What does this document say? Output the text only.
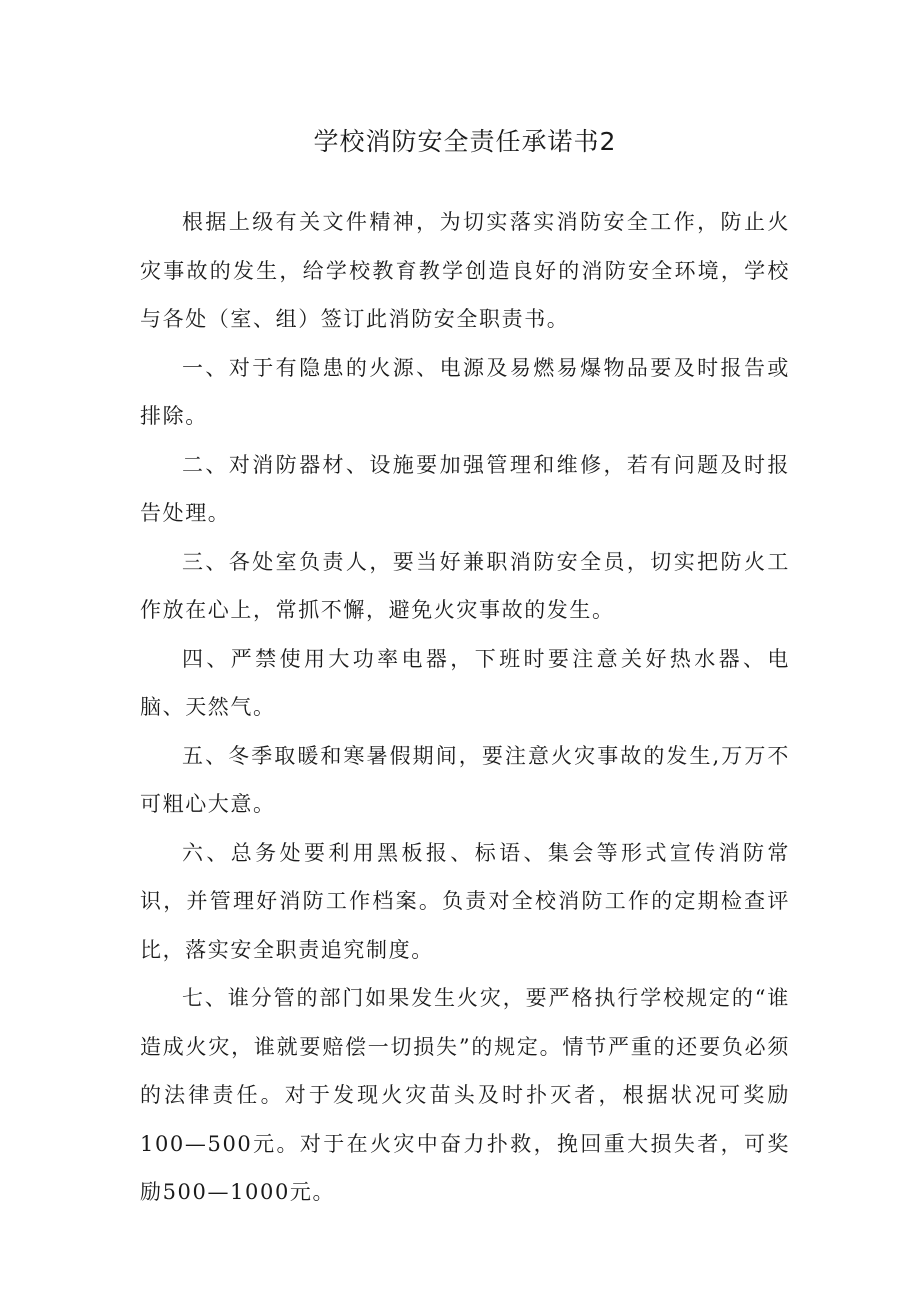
学校消防安全责任承诺书2

根据上级有关文件精神，为切实落实消防安全工作，防止火灾事故的发生，给学校教育教学创造良好的消防安全环境，学校与各处（室、组）签订此消防安全职责书。

一、对于有隐患的火源、电源及易燃易爆物品要及时报告或排除。

二、对消防器材、设施要加强管理和维修，若有问题及时报告处理。

三、各处室负责人，要当好兼职消防安全员，切实把防火工作放在心上，常抓不懈，避免火灾事故的发生。

四、严禁使用大功率电器，下班时要注意关好热水器、电脑、天然气。

五、冬季取暖和寒暑假期间，要注意火灾事故的发生,万万不可粗心大意。

六、总务处要利用黑板报、标语、集会等形式宣传消防常识，并管理好消防工作档案。负责对全校消防工作的定期检查评比，落实安全职责追究制度。

七、谁分管的部门如果发生火灾，要严格执行学校规定的“谁造成火灾，谁就要赔偿一切损失”的规定。情节严重的还要负必须的法律责任。对于发现火灾苗头及时扑灭者，根据状况可奖励100—500元。对于在火灾中奋力扑救，挽回重大损失者，可奖励500—1000元。
